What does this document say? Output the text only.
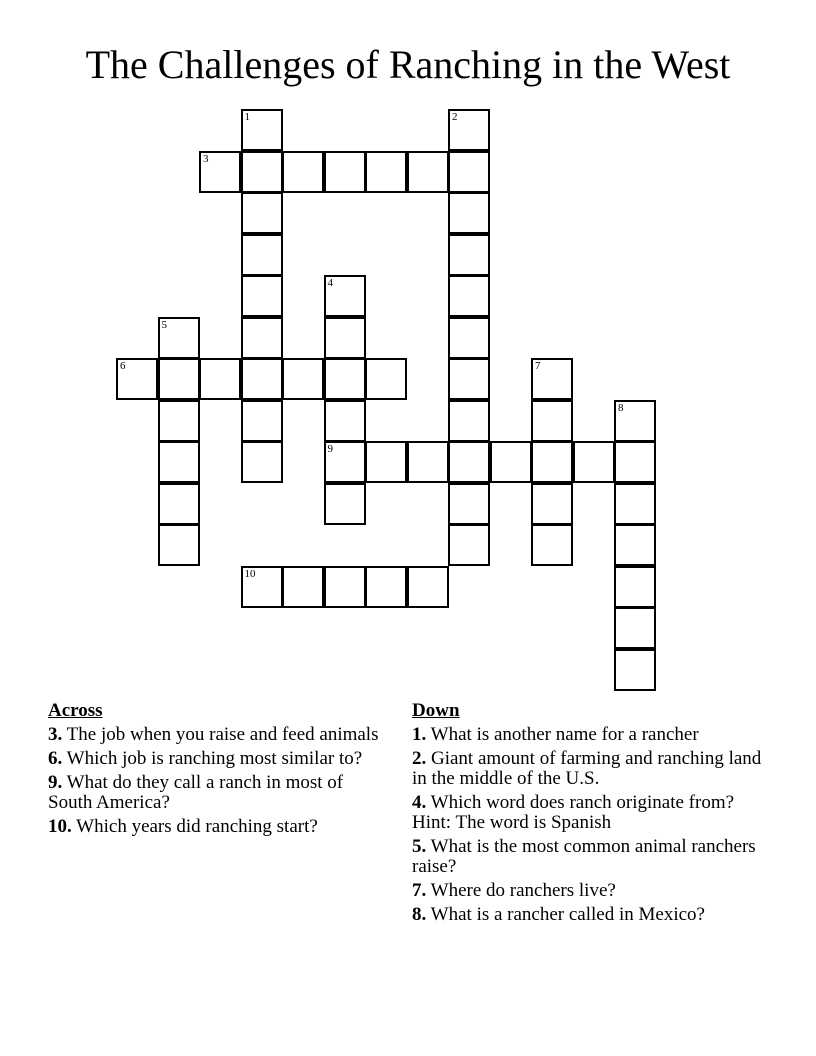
The Challenges of Ranching in the West
1	2
3
4
5
6	7
8
9
10
Across
3. The job when you raise and feed animals
6. Which job is ranching most similar to?
9. What do they call a ranch in most of South America?
10. Which years did ranching start?
Down
1. What is another name for a rancher
2. Giant amount of farming and ranching land in the middle of the U.S.
4. Which word does ranch originate from? Hint: The word is Spanish
5. What is the most common animal ranchers raise?
7. Where do ranchers live?
8. What is a rancher called in Mexico?
